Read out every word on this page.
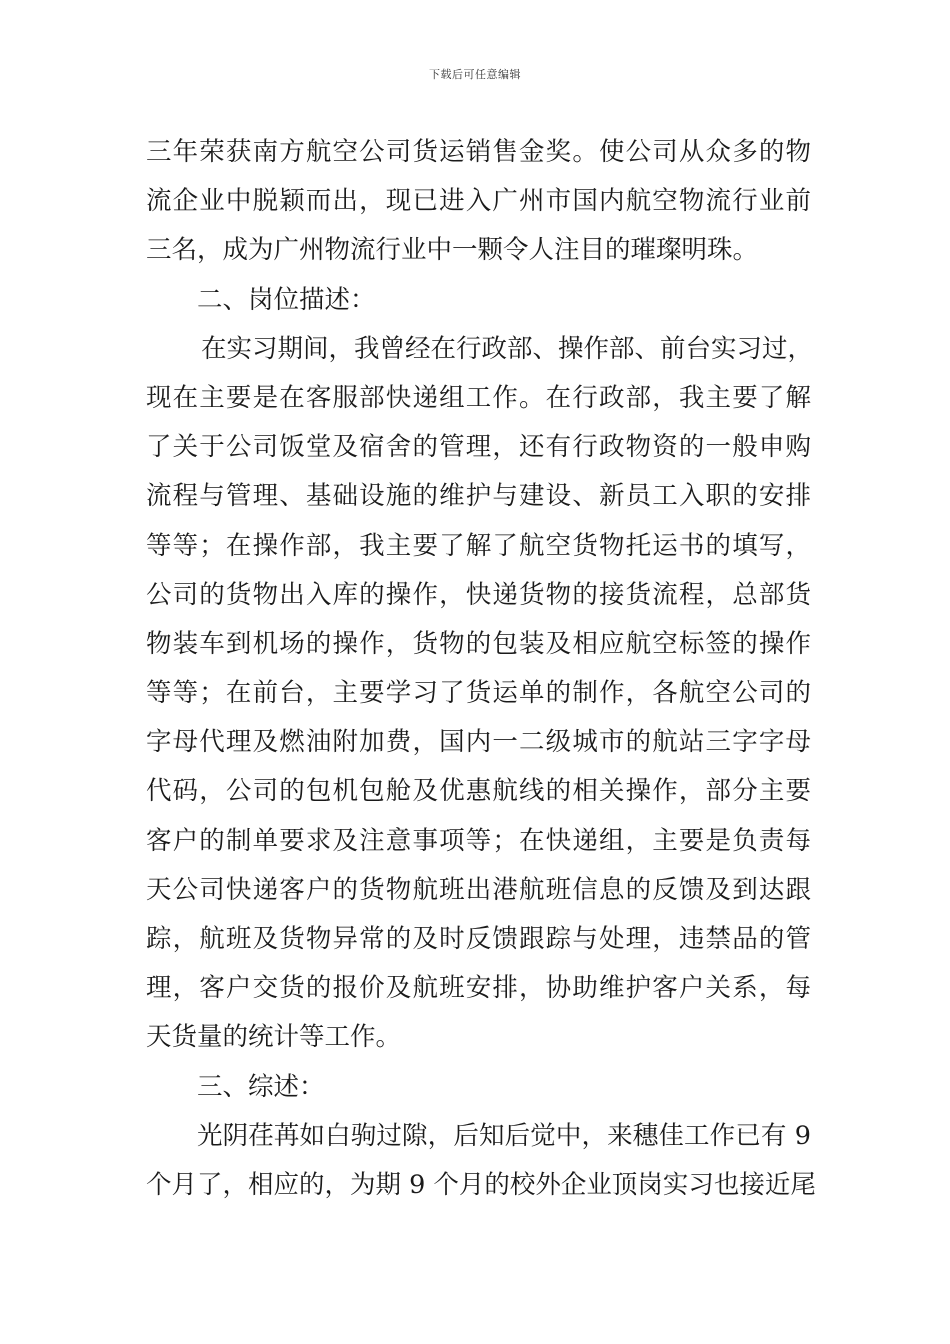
下载后可任意编辑
三年荣获南方航空公司货运销售金奖。使公司从众多的物
流企业中脱颖而出，现已进入广州市国内航空物流行业前
三名，成为广州物流行业中一颗令人注目的璀璨明珠。
二、岗位描述：
在实习期间，我曾经在行政部、操作部、前台实习过，
现在主要是在客服部快递组工作。在行政部，我主要了解
了关于公司饭堂及宿舍的管理，还有行政物资的一般申购
流程与管理、基础设施的维护与建设、新员工入职的安排
等等；在操作部，我主要了解了航空货物托运书的填写，
公司的货物出入库的操作，快递货物的接货流程，总部货
物装车到机场的操作，货物的包装及相应航空标签的操作
等等；在前台，主要学习了货运单的制作，各航空公司的
字母代理及燃油附加费，国内一二级城市的航站三字字母
代码，公司的包机包舱及优惠航线的相关操作，部分主要
客户的制单要求及注意事项等；在快递组，主要是负责每
天公司快递客户的货物航班出港航班信息的反馈及到达跟
踪，航班及货物异常的及时反馈跟踪与处理，违禁品的管
理，客户交货的报价及航班安排，协助维护客户关系，每
天货量的统计等工作。
三、综述：
光阴荏苒如白驹过隙，后知后觉中，来穗佳工作已有 9
个月了，相应的，为期 9 个月的校外企业顶岗实习也接近尾
